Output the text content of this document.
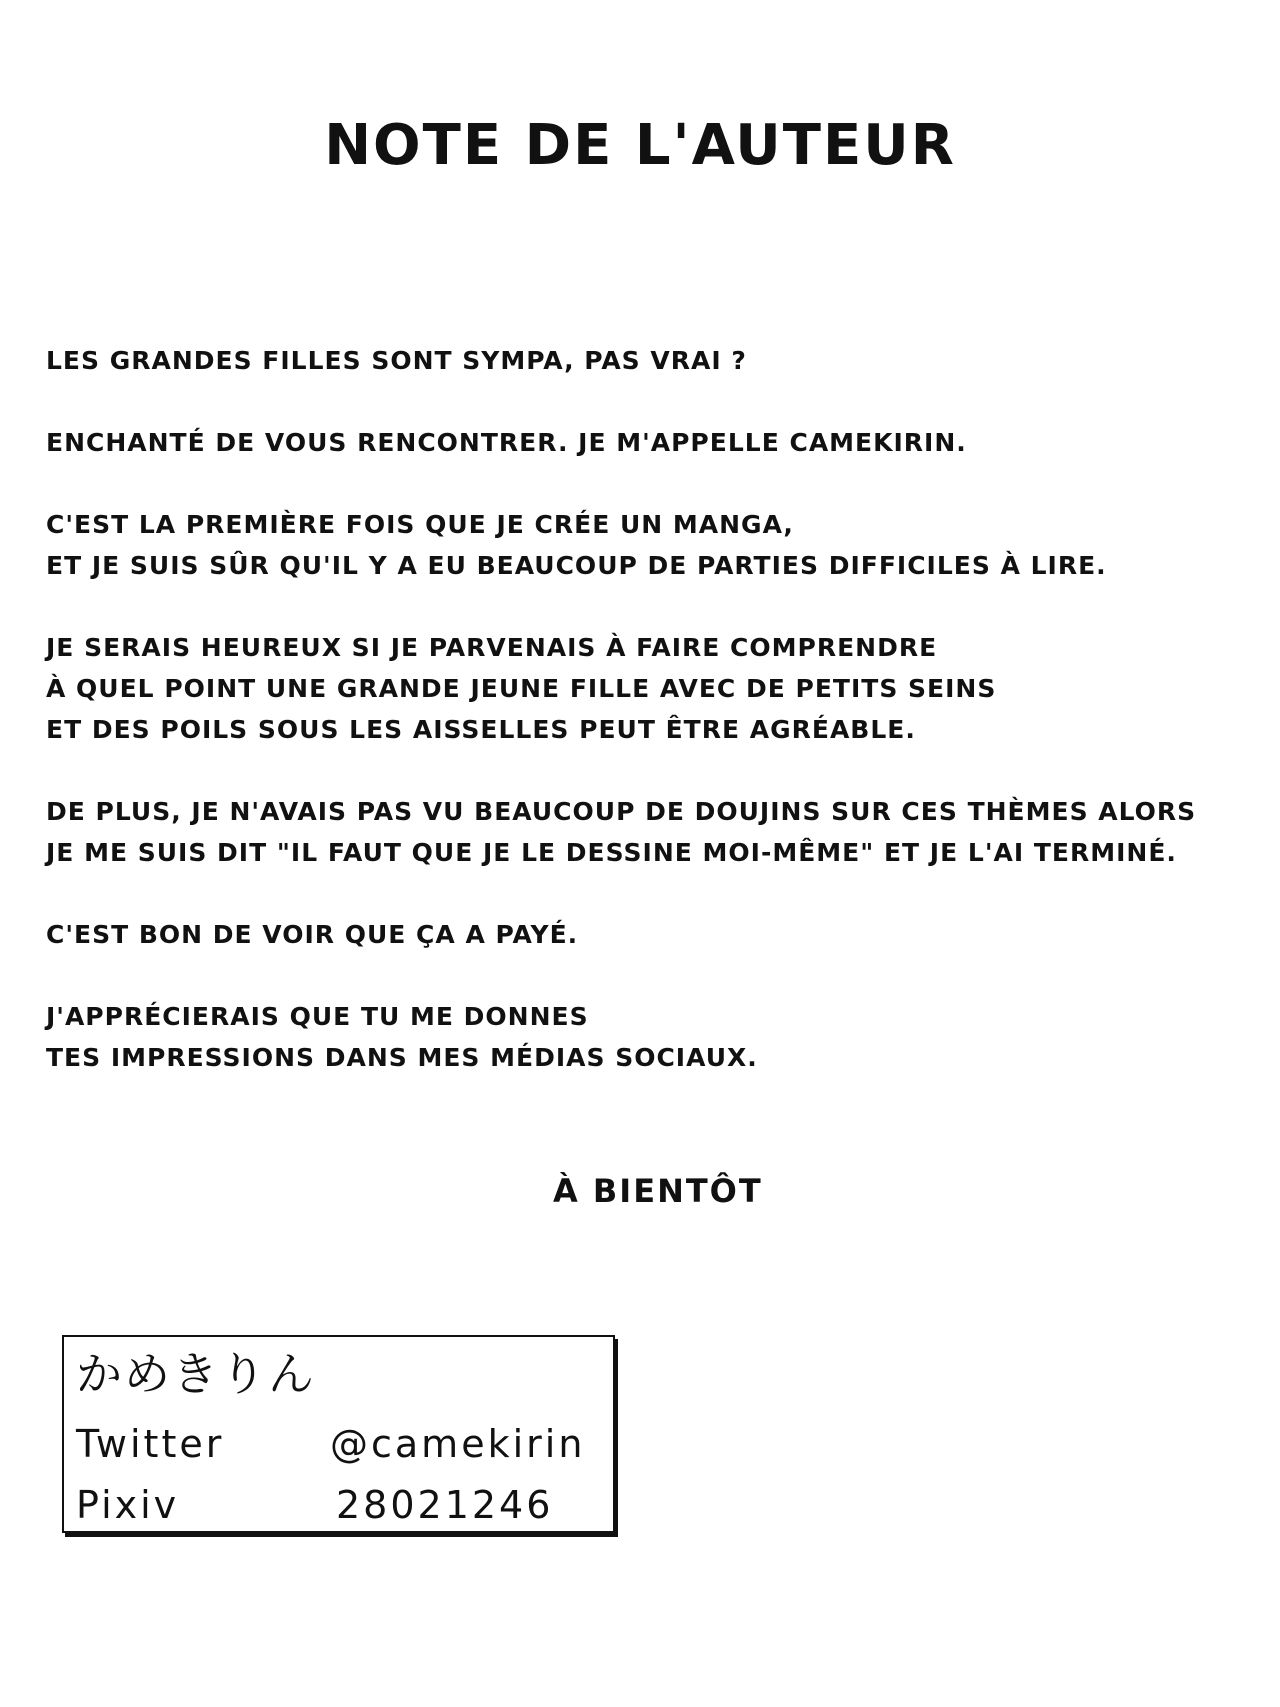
NOTE DE L'AUTEUR

LES GRANDES FILLES SONT SYMPA, PAS VRAI ?

ENCHANTÉ DE VOUS RENCONTRER. JE M'APPELLE CAMEKIRIN.

C'EST LA PREMIÈRE FOIS QUE JE CRÉE UN MANGA,
ET JE SUIS SÛR QU'IL Y A EU BEAUCOUP DE PARTIES DIFFICILES À LIRE.

JE SERAIS HEUREUX SI JE PARVENAIS À FAIRE COMPRENDRE
À QUEL POINT UNE GRANDE JEUNE FILLE AVEC DE PETITS SEINS
ET DES POILS SOUS LES AISSELLES PEUT ÊTRE AGRÉABLE.

DE PLUS, JE N'AVAIS PAS VU BEAUCOUP DE DOUJINS SUR CES THÈMES ALORS
JE ME SUIS DIT "IL FAUT QUE JE LE DESSINE MOI-MÊME" ET JE L'AI TERMINÉ.

C'EST BON DE VOIR QUE ÇA A PAYÉ.

J'APPRÉCIERAIS QUE TU ME DONNES
TES IMPRESSIONS DANS MES MÉDIAS SOCIAUX.

À BIENTÔT
かめきりん
Twitter	@camekirin
Pixiv	28021246
